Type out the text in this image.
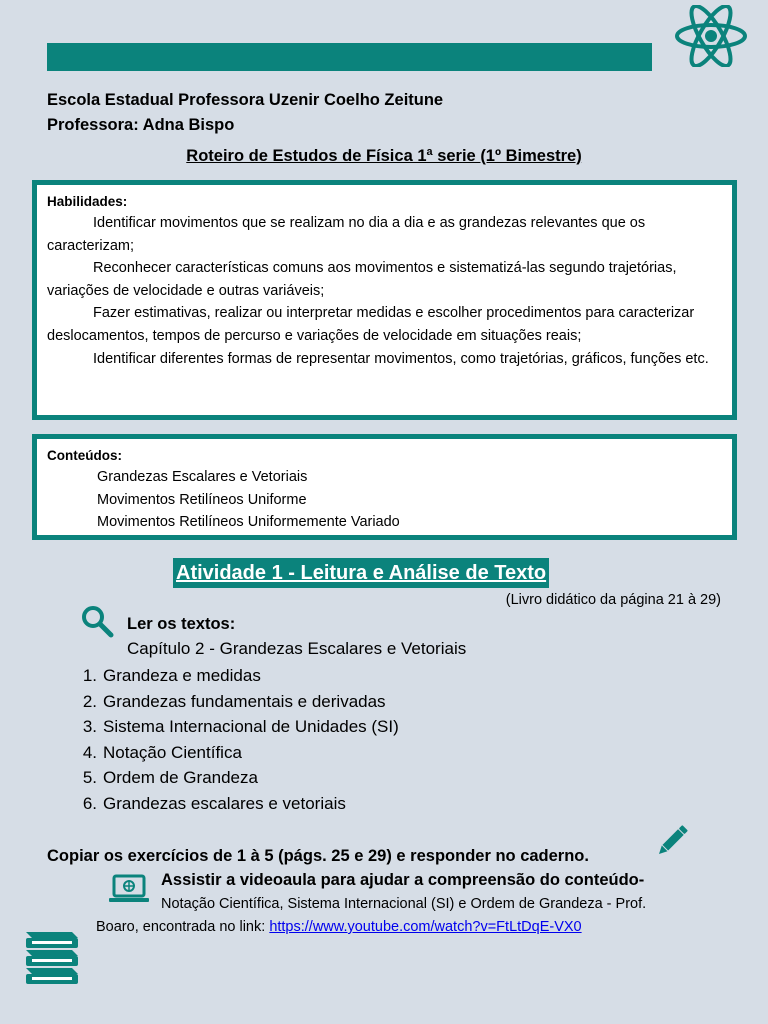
Escola Estadual Professora Uzenir Coelho Zeitune
Professora: Adna Bispo
Roteiro de Estudos de Física 1ª serie (1º Bimestre)
Habilidades:

Identificar movimentos que se realizam no dia a dia e as grandezas relevantes que os caracterizam;

Reconhecer características comuns aos movimentos e sistematizá-las segundo trajetórias, variações de velocidade e outras variáveis;

Fazer estimativas, realizar ou interpretar medidas e escolher procedimentos para caracterizar deslocamentos, tempos de percurso e variações de velocidade em situações reais;

Identificar diferentes formas de representar movimentos, como trajetórias, gráficos, funções etc.

Conteúdos:
Grandezas Escalares e Vetoriais
Movimentos Retilíneos Uniforme
Movimentos Retilíneos Uniformemente Variado
Atividade 1 - Leitura e Análise de Texto
(Livro didático da página 21 à 29)
Ler os textos:
Capítulo 2 - Grandezas Escalares e Vetoriais
1. Grandeza e medidas
2. Grandezas fundamentais e derivadas
3. Sistema Internacional de Unidades (SI)
4. Notação Científica
5. Ordem de Grandeza
6. Grandezas escalares e vetoriais
Copiar os exercícios de 1 à 5 (págs. 25 e 29) e responder no caderno.
Assistir a videoaula para ajudar a compreensão do conteúdo-
Notação Científica, Sistema Internacional (SI) e Ordem de Grandeza - Prof.
Boaro, encontrada no link: https://www.youtube.com/watch?v=FtLtDqE-VX0
